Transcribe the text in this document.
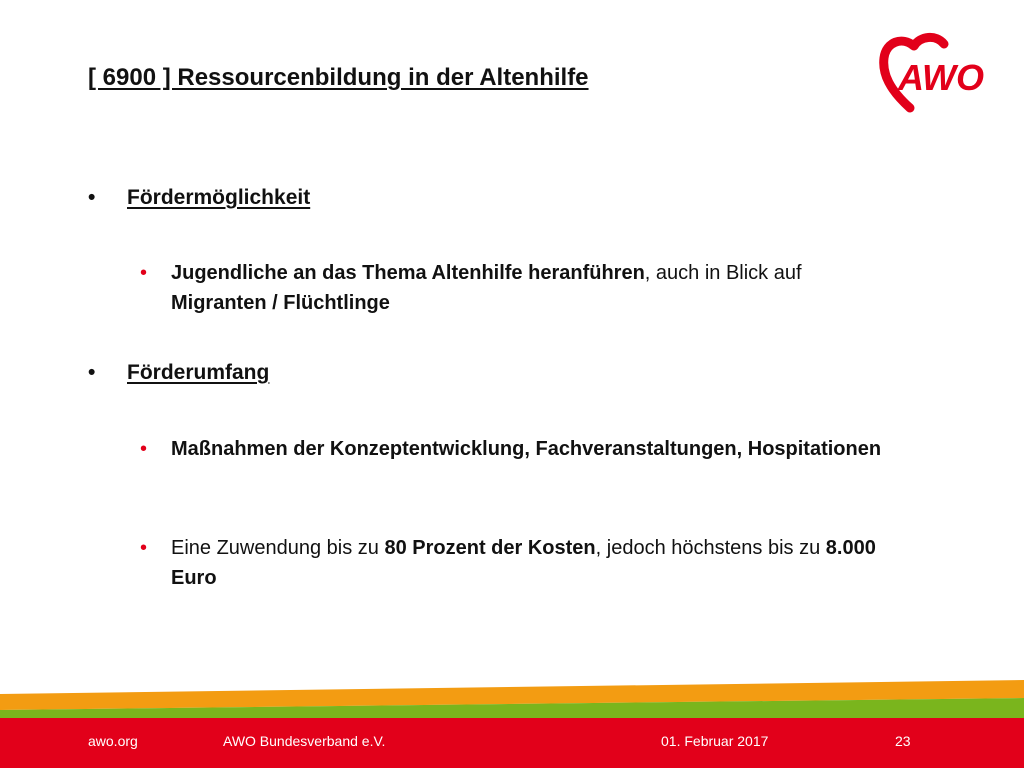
[ 6900 ] Ressourcenbildung in der Altenhilfe	AWO
• Fördermöglichkeit
• Jugendliche an das Thema Altenhilfe heranführen, auch in Blick auf Migranten / Flüchtlinge
• Förderumfang
• Maßnahmen der Konzeptentwicklung, Fachveranstaltungen, Hospitationen
• Eine Zuwendung bis zu 80 Prozent der Kosten, jedoch höchstens bis zu 8.000 Euro
awo.org	AWO Bundesverband e.V.	01. Februar 2017	23
